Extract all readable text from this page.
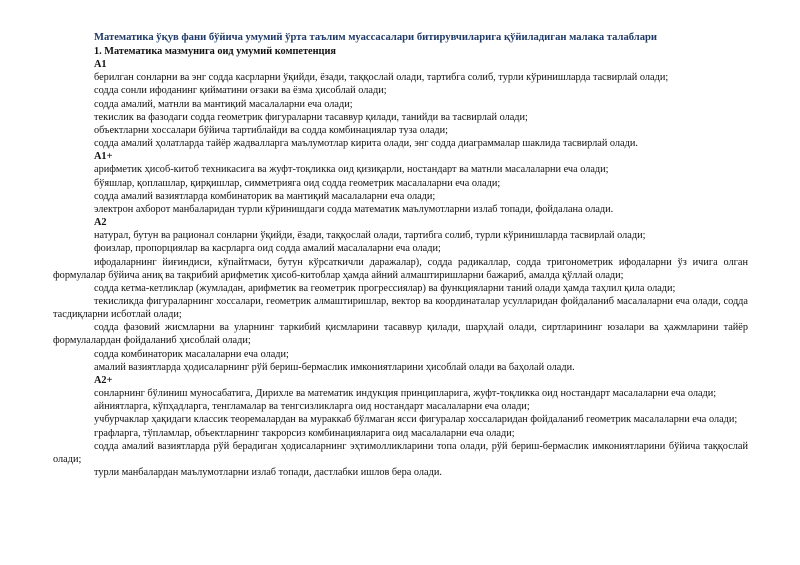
Математика ўқув фани бўйича умумий ўрта таълим муассасалари битирувчиларига қўйиладиган малака талаблари
1. Математика мазмунига оид умумий компетенция
A1
берилган сонларни ва энг содда касрларни ўқийди, ёзади, таққослай олади, тартибга солиб, турли кўринишларда тасвирлай олади;
содда сонли ифоданинг қийматини оғзаки ва ёзма ҳисоблай олади;
содда амалий, матнли ва мантиқий масалаларни еча олади;
текислик ва фазодаги содда геометрик фигураларни тасаввур қилади, танийди ва тасвирлай олади;
объектларни хоссалари бўйича тартиблайди ва содда комбинациялар туза олади;
содда амалий ҳолатларда тайёр жадвалларга маълумотлар кирита олади, энг содда диаграммалар шаклида тасвирлай олади.
A1+
арифметик ҳисоб-китоб техникасига ва жуфт-тоқликка оид қизиқарли, ностандарт ва матнли масалаларни еча олади;
бўяшлар, қоплашлар, қирқишлар, симметрияга оид содда геометрик масалаларни еча олади;
содда амалий вазиятларда комбинаторик ва мантиқий масалаларни еча олади;
электрон ахборот манбаларидан турли кўринишдаги содда математик маълумотларни излаб топади, фойдалана олади.
A2
натурал, бутун ва рационал сонларни ўқийди, ёзади, таққослай олади, тартибга солиб, турли кўринишларда тасвирлай олади;
фоизлар, пропорциялар ва касрларга оид содда амалий масалаларни еча олади;
ифодаларнинг йиғиндиси, кўпайтмаси, бутун кўрсаткичли даражалар), содда радикаллар, содда тригонометрик ифодаларни ўз ичига олган формулалар бўйича аниқ ва тақрибий арифметик ҳисоб-китоблар ҳамда айний алмаштиришларни бажариб, амалда қўллай олади;
содда кетма-кетликлар (жумладан, арифметик ва геометрик прогрессиялар) ва функцияларни таний олади ҳамда таҳлил қила олади;
текисликда фигураларнинг хоссалари, геометрик алмаштиришлар, вектор ва координаталар усулларидан фойдаланиб масалаларни еча олади, содда тасдиқларни исботлай олади;
содда фазовий жисмларни ва уларнинг таркибий қисмларини тасаввур қилади, шарҳлай олади, сиртларининг юзалари ва ҳажмларини тайёр формулалардан фойдаланиб ҳисоблай олади;
содда комбинаторик масалаларни еча олади;
амалий вазиятларда ҳодисаларнинг рўй бериш-бермаслик имкониятларини ҳисоблай олади ва баҳолай олади.
A2+
сонларнинг бўлиниш муносабатига, Дирихле ва математик индукция принципларига, жуфт-тоқликка оид ностандарт масалаларни еча олади;
айниятларга, кўпҳадларга, тенгламалар ва тенгсизликларга оид ностандарт масалаларни еча олади;
учбурчаклар ҳақидаги классик теоремалардан ва мураккаб бўлмаган ясси фигуралар хоссаларидан фойдаланиб геометрик масалаларни еча олади;
графларга, тўпламлар, объектларнинг такрорсиз комбинацияларига оид масалаларни еча олади;
содда амалий вазиятларда рўй берадиган ҳодисаларнинг эҳтимолликларини топа олади, рўй бериш-бермаслик имкониятларини бўйича таққослай олади;
турли манбалардан маълумотларни излаб топади, дастлабки ишлов бера олади.
